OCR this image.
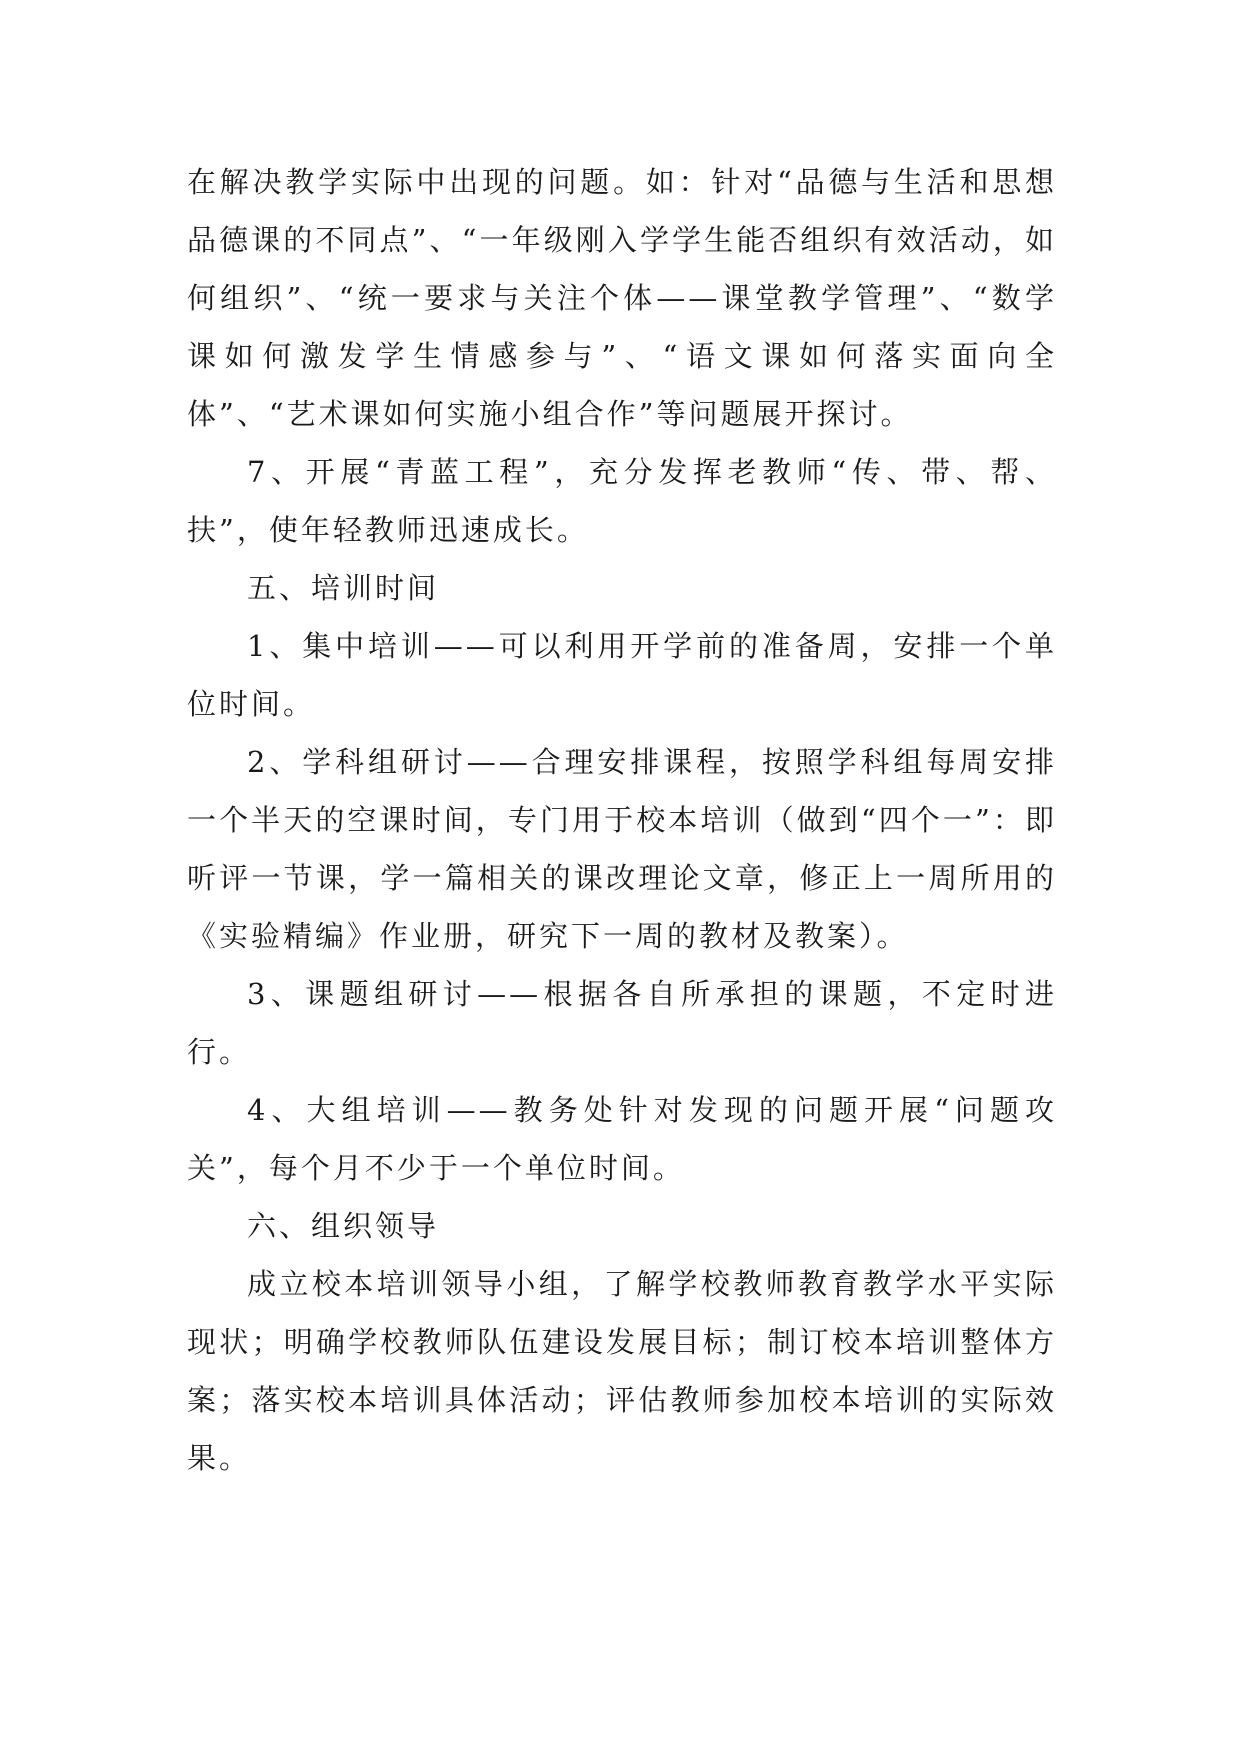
在解决教学实际中出现的问题。如：针对“品德与生活和思想品德课的不同点”、“一年级刚入学学生能否组织有效活动，如何组织”、“统一要求与关注个体——课堂教学管理”、“数学课如何激发学生情感参与”、“语文课如何落实面向全体”、“艺术课如何实施小组合作”等问题展开探讨。

7、开展“青蓝工程”，充分发挥老教师“传、带、帮、扶”，使年轻教师迅速成长。

五、培训时间

1、集中培训——可以利用开学前的准备周，安排一个单位时间。

2、学科组研讨——合理安排课程，按照学科组每周安排一个半天的空课时间，专门用于校本培训（做到“四个一”：即听评一节课，学一篇相关的课改理论文章，修正上一周所用的《实验精编》作业册，研究下一周的教材及教案）。

3、课题组研讨——根据各自所承担的课题，不定时进行。

4、大组培训——教务处针对发现的问题开展“问题攻关”，每个月不少于一个单位时间。

六、组织领导

成立校本培训领导小组，了解学校教师教育教学水平实际现状；明确学校教师队伍建设发展目标；制订校本培训整体方案；落实校本培训具体活动；评估教师参加校本培训的实际效果。
